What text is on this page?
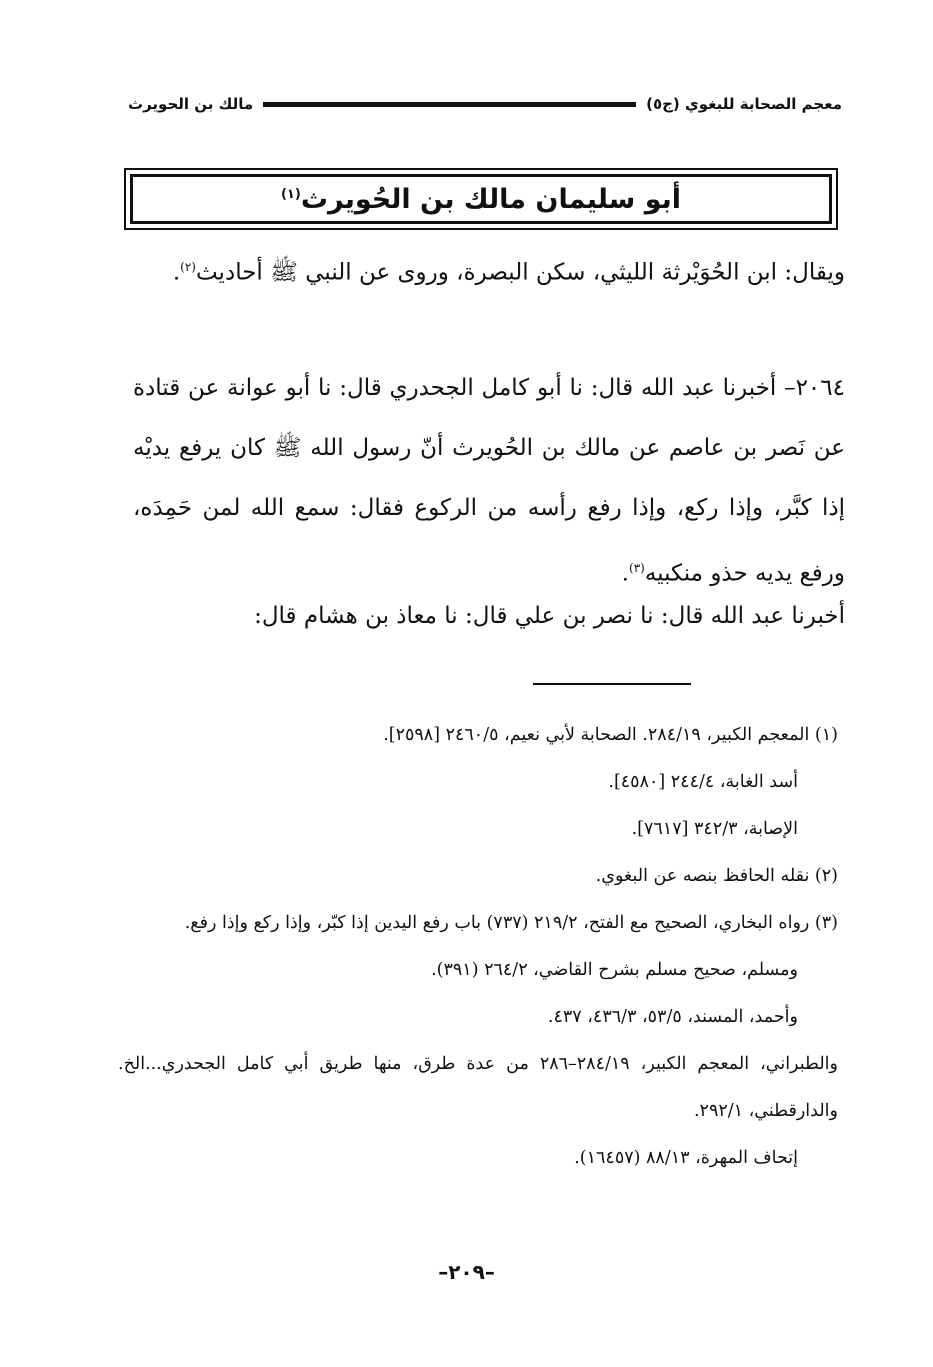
معجم الصحابة للبغوي (ج٥)
مالك بن الحويرث
أبو سليمان مالك بن الحُويرث$^{(١)}$
ويقال: ابن الحُوَيْرثة الليثي، سكن البصرة، وروى عن النبي ﷺ أحاديث$^{(٢)}$.
٢٠٦٤– أخبرنا عبد الله قال: نا أبو كامل الجحدري قال: نا أبو عوانة عن قتادة عن نَصر بن عاصم عن مالك بن الحُويرث أنّ رسول الله ﷺ كان يرفع يديْه إذا كبَّر، وإذا ركع، وإذا رفع رأسه من الركوع فقال: سمع الله لمن حَمِدَه، ورفع يديه حذو منكبيه$^{(٣)}$.
أخبرنا عبد الله قال: نا نصر بن علي قال: نا معاذ بن هشام قال:
(١) المعجم الكبير، ٢٨٤/١٩. الصحابة لأبي نعيم، ٢٤٦٠/٥ [٢٥٩٨].
أسد الغابة، ٢٤٤/٤ [٤٥٨٠].
الإصابة، ٣٤٢/٣ [٧٦١٧].
(٢) نقله الحافظ بنصه عن البغوي.
(٣) رواه البخاري، الصحيح مع الفتح، ٢١٩/٢ (٧٣٧) باب رفع اليدين إذا كبّر، وإذا ركع وإذا رفع.
ومسلم، صحيح مسلم بشرح القاضي، ٢٦٤/٢ (٣٩١).
وأحمد، المسند، ٥٣/٥، ٤٣٦/٣، ٤٣٧.
والطبراني، المعجم الكبير، ٢٨٤/١٩–٢٨٦ من عدة طرق، منها طريق أبي كامل الجحدري...الخ. والدارقطني، ٢٩٢/١.
إتحاف المهرة، ٨٨/١٣ (١٦٤٥٧).
–٢٠٩–
